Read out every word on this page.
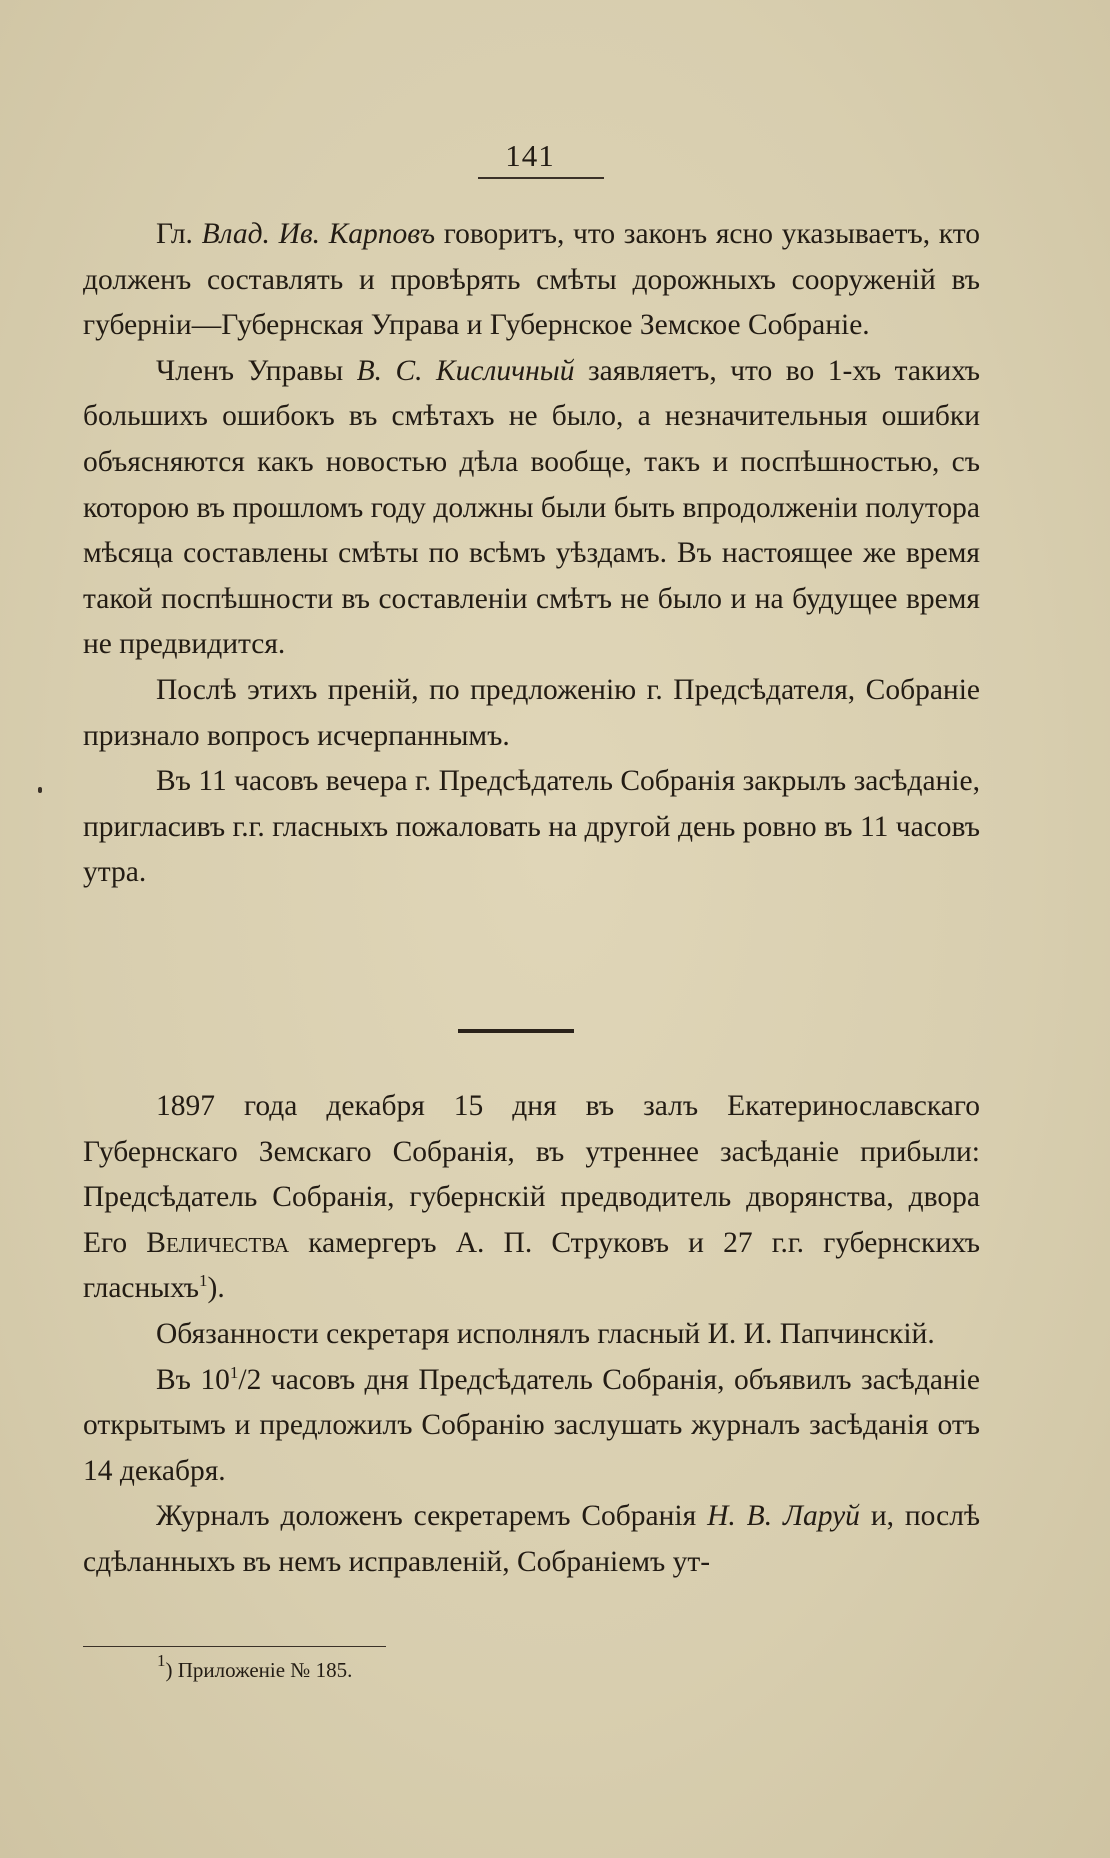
141

Гл. Влад. Ив. Карповъ говоритъ, что законъ ясно указываетъ, кто долженъ составлять и провѣрять смѣты дорожныхъ сооруженій въ губерніи—Губернская Управа и Губернское Земское Собраніе.

Членъ Управы В. С. Кисличный заявляетъ, что во 1-хъ такихъ большихъ ошибокъ въ смѣтахъ не было, а незначительныя ошибки объясняются какъ новостью дѣла вообще, такъ и поспѣшностью, съ которою въ прошломъ году должны были быть впродолженіи полутора мѣсяца составлены смѣты по всѣмъ уѣздамъ. Въ настоящее же время такой поспѣшности въ составленіи смѣтъ не было и на будущее время не предвидится.

Послѣ этихъ преній, по предложенію г. Предсѣдателя, Собраніе признало вопросъ исчерпаннымъ.

Въ 11 часовъ вечера г. Предсѣдатель Собранія закрылъ засѣданіе, пригласивъ г.г. гласныхъ пожаловать на другой день ровно въ 11 часовъ утра.

1897 года декабря 15 дня въ залъ Екатеринославскаго Губернскаго Земскаго Собранія, въ утреннее засѣданіе прибыли: Предсѣдатель Собранія, губернскій предводитель дворянства, двора Его Величества камергеръ А. П. Струковъ и 27 г.г. губернскихъ гласныхъ$^1$).

Обязанности секретаря исполнялъ гласный И. И. Папчинскій.

Въ $10^1/2$ часовъ дня Предсѣдатель Собранія, объявилъ засѣданіе открытымъ и предложилъ Собранію заслушать журналъ засѣданія отъ 14 декабря.

Журналъ доложенъ секретаремъ Собранія Н. В. Ларуй и, послѣ сдѣланныхъ въ немъ исправленій, Собраніемъ ут-

$^1$) Приложеніе № 185.
